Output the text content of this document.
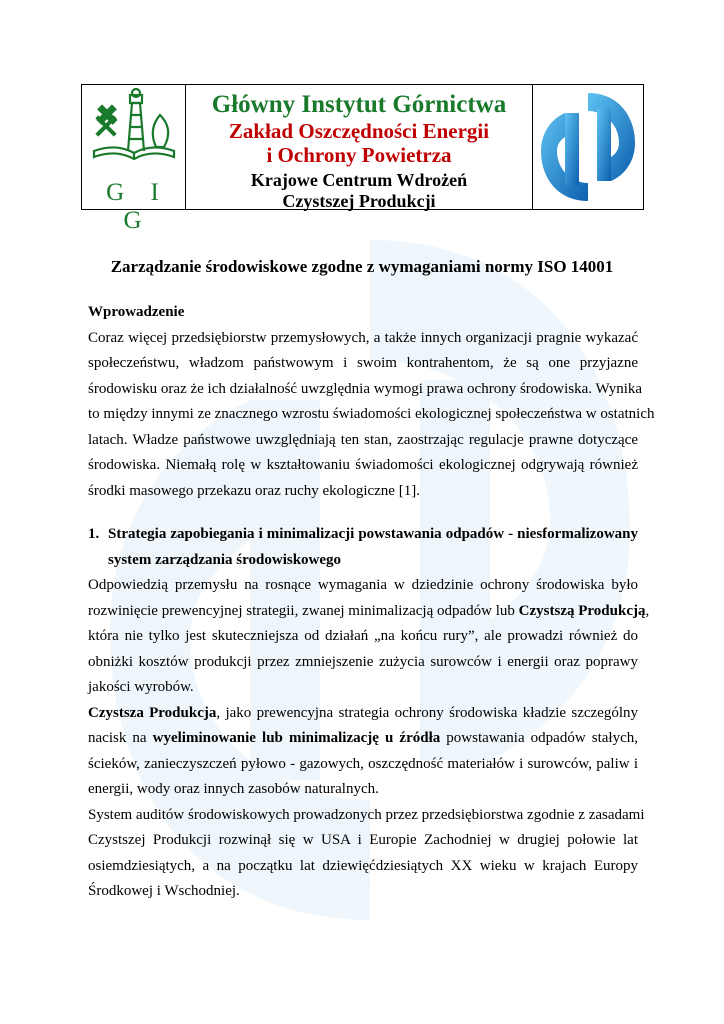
G I G
Główny Instytut Górnictwa
Zakład Oszczędności Energii
i Ochrony Powietrza
Krajowe Centrum Wdrożeń
Czystszej Produkcji
Zarządzanie środowiskowe zgodne z wymaganiami normy ISO 14001
Wprowadzenie
Coraz więcej przedsiębiorstw przemysłowych, a także innych organizacji pragnie wykazać
społeczeństwu, władzom państwowym i swoim kontrahentom, że są one przyjazne
środowisku oraz że ich działalność uwzględnia wymogi prawa ochrony środowiska. Wynika
to między innymi ze znacznego wzrostu świadomości ekologicznej społeczeństwa w ostatnich
latach. Władze państwowe uwzględniają ten stan, zaostrzając regulacje prawne dotyczące
środowiska. Niemałą rolę w kształtowaniu świadomości ekologicznej odgrywają również
środki masowego przekazu oraz ruchy ekologiczne [1].
1. Strategia zapobiegania i minimalizacji powstawania odpadów - niesformalizowany
system zarządzania środowiskowego
Odpowiedzią przemysłu na rosnące wymagania w dziedzinie ochrony środowiska było
rozwinięcie prewencyjnej strategii, zwanej minimalizacją odpadów lub Czystszą Produkcją,
która nie tylko jest skuteczniejsza od działań „na końcu rury”, ale prowadzi również do
obniżki kosztów produkcji przez zmniejszenie zużycia surowców i energii oraz poprawy
jakości wyrobów.
Czystsza Produkcja, jako prewencyjna strategia ochrony środowiska kładzie szczególny
nacisk na wyeliminowanie lub minimalizację u źródła powstawania odpadów stałych,
ścieków, zanieczyszczeń pyłowo - gazowych, oszczędność materiałów i surowców, paliw i
energii, wody oraz innych zasobów naturalnych.
System auditów środowiskowych prowadzonych przez przedsiębiorstwa zgodnie z zasadami
Czystszej Produkcji rozwinął się w USA i Europie Zachodniej w drugiej połowie lat
osiemdziesiątych, a na początku lat dziewięćdziesiątych XX wieku w krajach Europy
Środkowej i Wschodniej.
